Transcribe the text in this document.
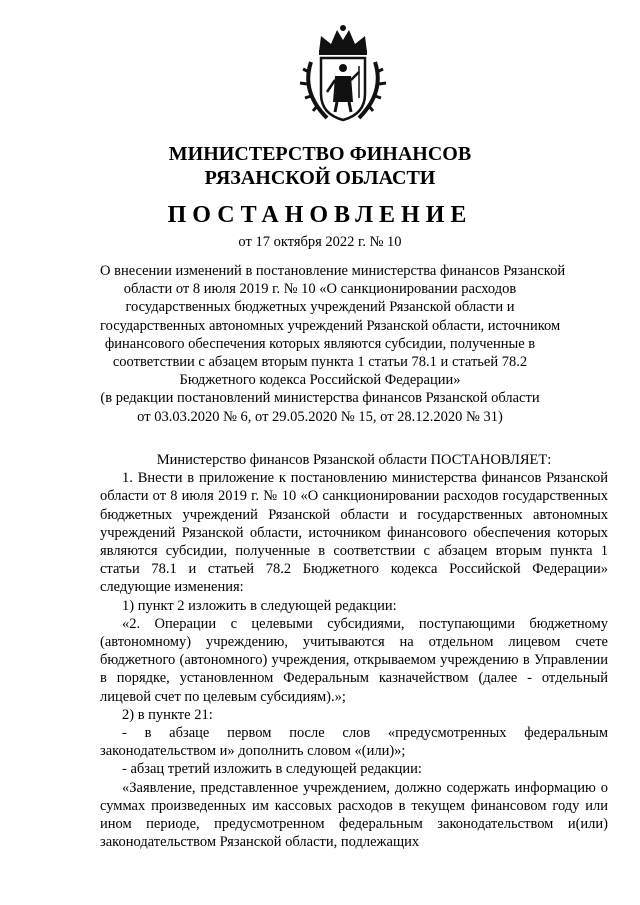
МИНИСТЕРСТВО ФИНАНСОВ
РЯЗАНСКОЙ ОБЛАСТИ
ПОСТАНОВЛЕНИЕ
от 17 октября 2022 г. № 10
О внесении изменений в постановление министерства финансов Рязанской
области от 8 июля 2019 г. № 10 «О санкционировании расходов
государственных бюджетных учреждений Рязанской области и
государственных автономных учреждений Рязанской области, источником
финансового обеспечения которых являются субсидии, полученные в
соответствии с абзацем вторым пункта 1 статьи 78.1 и статьей 78.2
Бюджетного кодекса Российской Федерации»
(в редакции постановлений министерства финансов Рязанской области
от 03.03.2020 № 6, от 29.05.2020 № 15, от 28.12.2020 № 31)
Министерство финансов Рязанской области ПОСТАНОВЛЯЕТ:
1. Внести в приложение к постановлению министерства финансов Рязанской области от 8 июля 2019 г. № 10 «О санкционировании расходов государственных бюджетных учреждений Рязанской области и государственных автономных учреждений Рязанской области, источником финансового обеспечения которых являются субсидии, полученные в соответствии с абзацем вторым пункта 1 статьи 78.1 и статьей 78.2 Бюджетного кодекса Российской Федерации» следующие изменения:
1) пункт 2 изложить в следующей редакции:
«2. Операции с целевыми субсидиями, поступающими бюджетному (автономному) учреждению, учитываются на отдельном лицевом счете бюджетного (автономного) учреждения, открываемом учреждению в Управлении в порядке, установленном Федеральным казначейством (далее - отдельный лицевой счет по целевым субсидиям).»;
2) в пункте 21:
- в абзаце первом после слов «предусмотренных федеральным законодательством и» дополнить словом «(или)»;
- абзац третий изложить в следующей редакции:
«Заявление, представленное учреждением, должно содержать информацию о суммах произведенных им кассовых расходов в текущем финансовом году или ином периоде, предусмотренном федеральным законодательством и(или) законодательством Рязанской области, подлежащих
